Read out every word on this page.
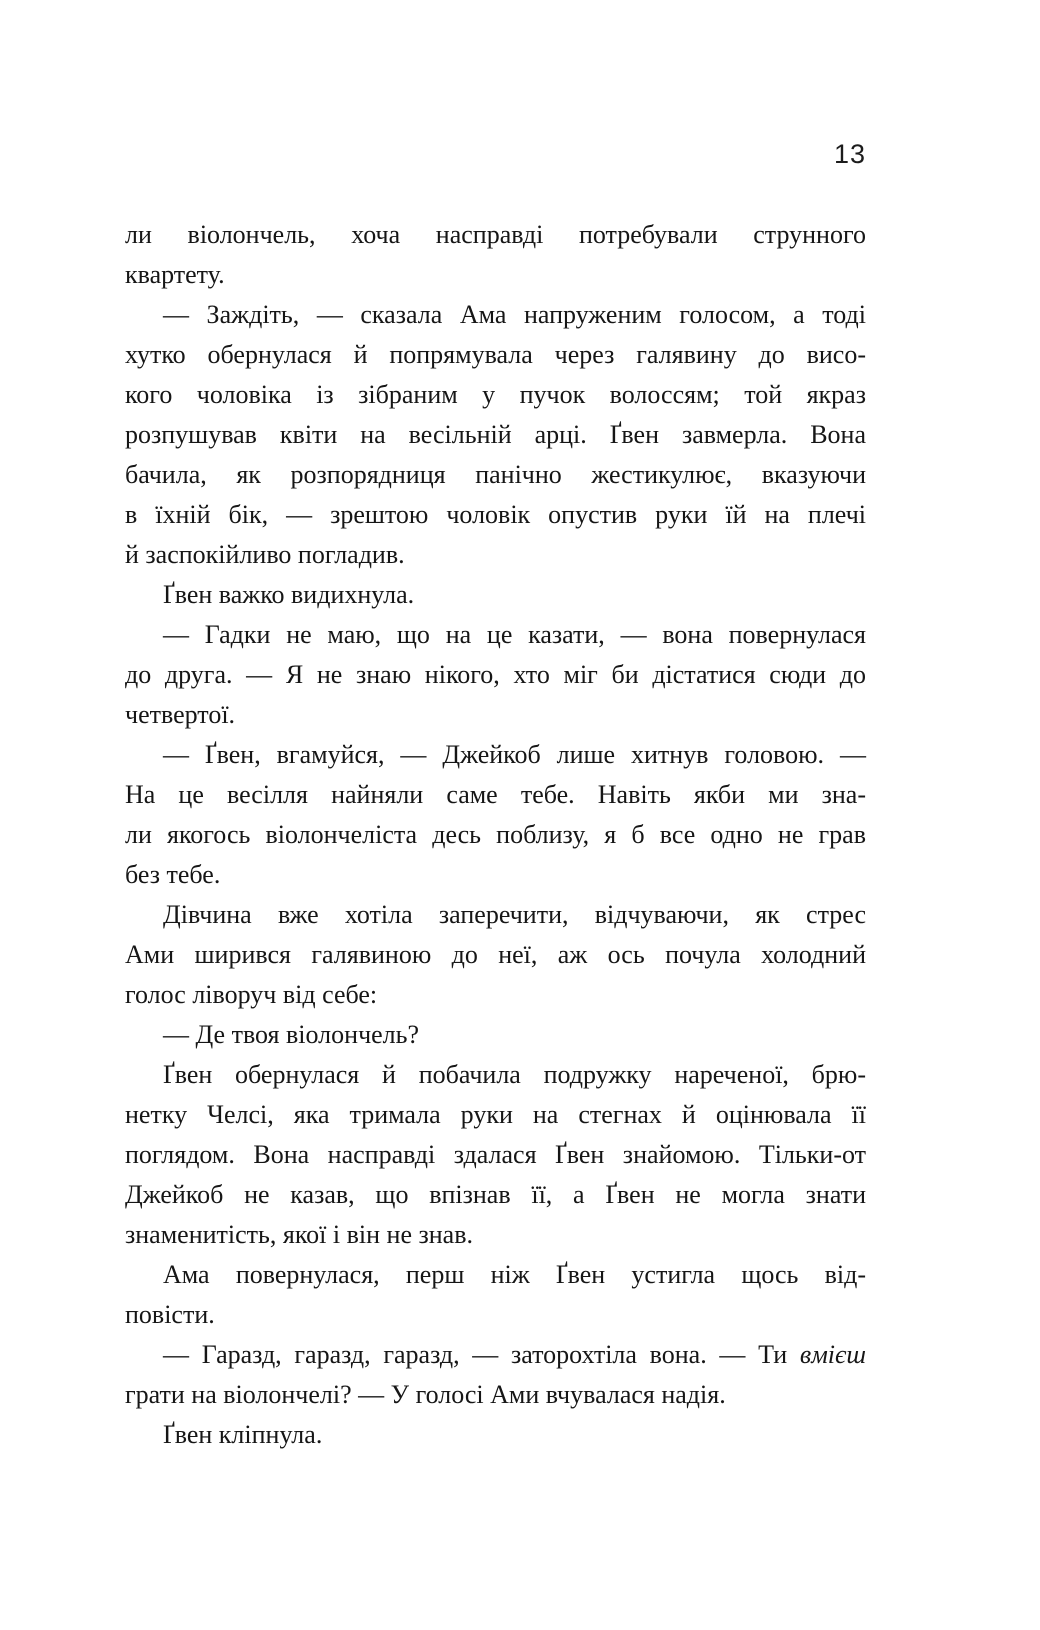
13

ли віолончель, хоча насправді потребували струнного
квартету.

— Заждіть, — сказала Ама напруженим голосом, а тоді
хутко обернулася й попрямувала через галявину до висо-
кого чоловіка із зібраним у пучок волоссям; той якраз
розпушував квіти на весільній арці. Ґвен завмерла. Вона
бачила, як розпорядниця панічно жестикулює, вказуючи
в їхній бік, — зрештою чоловік опустив руки їй на плечі
й заспокійливо погладив.

Ґвен важко видихнула.

— Гадки не маю, що на це казати, — вона повернулася
до друга. — Я не знаю нікого, хто міг би дістатися сюди до
четвертої.

— Ґвен, вгамуйся, — Джейкоб лише хитнув головою. —
На це весілля найняли саме тебе. Навіть якби ми зна-
ли якогось віолончеліста десь поблизу, я б все одно не грав
без тебе.

Дівчина вже хотіла заперечити, відчуваючи, як стрес
Ами ширився галявиною до неї, аж ось почула холодний
голос ліворуч від себе:

— Де твоя віолончель?

Ґвен обернулася й побачила подружку нареченої, брю-
нетку Челсі, яка тримала руки на стегнах й оцінювала її
поглядом. Вона насправді здалася Ґвен знайомою. Тільки-от
Джейкоб не казав, що впізнав її, а Ґвен не могла знати
знаменитість, якої і він не знав.

Ама повернулася, перш ніж Ґвен устигла щось від-
повісти.

— Гаразд, гаразд, гаразд, — заторохтіла вона. — Ти вмієш
грати на віолончелі? — У голосі Ами вчувалася надія.

Ґвен кліпнула.
